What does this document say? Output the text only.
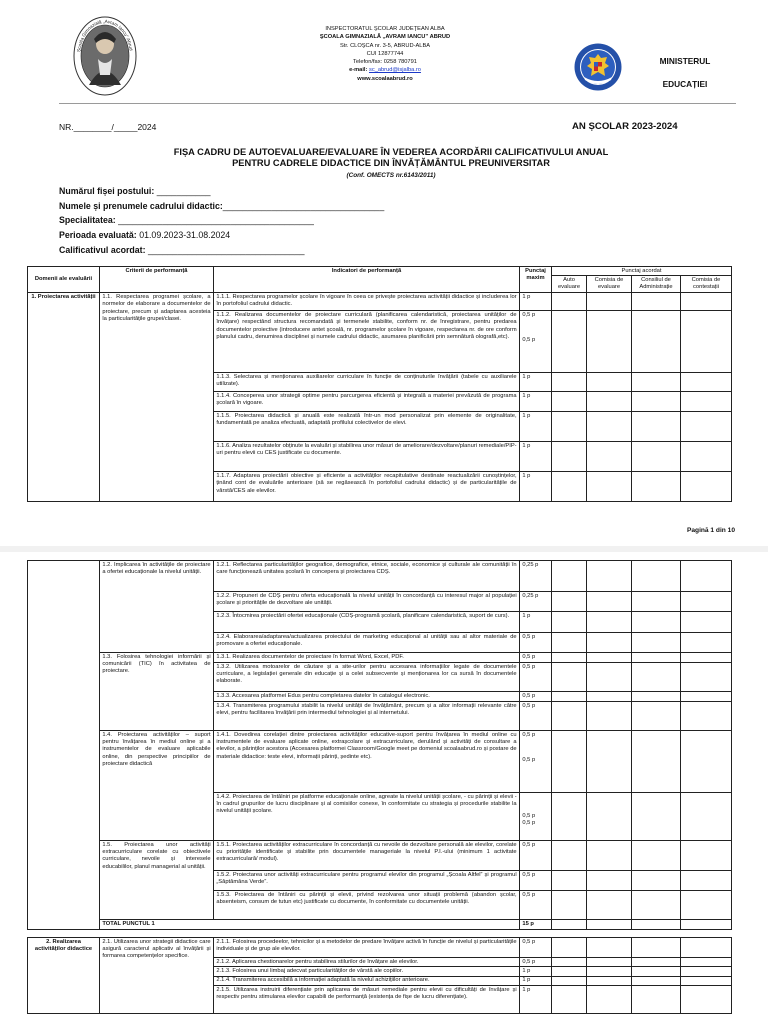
Școala Gimnazială „Avram Iancu” Abrud
INSPECTORATUL ŞCOLAR JUDEŢEAN ALBA
ŞCOALA GIMNAZIALĂ „AVRAM IANCU” ABRUD
Str. CLOŞCA nr. 3-5, ABRUD-ALBA
CUI 12877744
Telefon/fax: 0258 780791
e-mail: sc_abrud@isjalba.ro
www.scoalaabrud.ro
MINISTERUL
EDUCAȚIEI
NR.________/_____2024	AN ȘCOLAR 2023-2024
FIȘA CADRU DE AUTOEVALUARE/EVALUARE ÎN VEDEREA ACORDĂRII CALIFICATIVULUI ANUAL
PENTRU CADRELE DIDACTICE DIN ÎNVĂȚĂMÂNTUL PREUNIVERSITAR
(Conf. OMECTS nr.6143/2011)
Numărul fișei postului: ___________
Numele și prenumele cadrului didactic:_________________________________
Specialitatea: ________________________________________
Perioada evaluată: 01.09.2023-31.08.2024
Calificativul acordat: ________________________________
Domenii ale evaluării	Criterii de performanță	Indicatori de performanță	Punctaj maxim	Punctaj acordat			
				Auto evaluare	Comisia de evaluare	Consiliul de Administrație	Comisia de contestații
1. Proiectarea activității	1.1. Respectarea programei școlare, a normelor de elaborare a documentelor de proiectare, precum și adaptarea acesteia la particularitățile grupei/clasei.	1.1.1. Respectarea programelor școlare în vigoare în ceea ce privește proiectarea activității didactice și includerea lor în portofoliul cadrului didactic.	1 p				
		1.1.2. Realizarea documentelor de proiectare curriculară (planificarea calendaristică, proiectarea unităților de învățare) respectând structura recomandată și termenele stabilite, conform nr. de înregistrare, pentru predarea documentelor proiective (introducere antet școală, nr. programelor școlare în vigoare, respectarea nr. de ore conform planului cadru, denumirea disciplinei și numele cadrului didactic, asumarea planificării prin semnătură olografă,etc).	0,5 p
0,5 p				

		1.1.3. Selectarea și menționarea auxiliarelor curriculare în funcție de conținuturile învățării (tabele cu auxiliarele utilizate).	1 p				
		1.1.4. Conceperea unor strategii optime pentru parcurgerea eficientă și integrală a materiei prevăzută de programa școlară în vigoare.	1 p				
		1.1.5. Proiectarea didactică și anuală este realizată într-un mod personalizat prin elemente de originalitate, fundamentată pe analiza efectuată, adaptată profilului colectivelor de elevi.	1 p				
		1.1.6. Analiza rezultatelor obținute la evaluări și stabilirea unor măsuri de ameliorare/dezvoltare/planuri remediale/PIP-uri pentru elevii cu CES justificate cu documente.	1 p				
		1.1.7. Adaptarea proiectării obiective și eficiente a activităților recapitulative destinate reactualizării cunoștințelor, ținând cont de evaluările anterioare (să se regăsească în portofoliul cadrului didactic) și de particularitățile de vârstă/CES ale elevilor.	1 p				
Pagină 1 din 10
	1.2. Implicarea în activitățile de proiectare a ofertei educaționale la nivelul unității.	1.2.1. Reflectarea particularităților geografice, demografice, etnice, sociale, economice și culturale ale comunității în care funcționează unitatea școlară în concepera și proiectarea CDȘ.	0,25 p				
		1.2.2. Propuneri de CDȘ pentru oferta educațională la nivelul unității în concordanță cu interesul major al populației școlare și prioritățile de dezvoltare ale unității.	0,25 p				
		1.2.3. Întocmirea proiectării ofertei educaționale (CDȘ-programă școlară, planificare calendaristică, suport de curs).	1 p				
		1.2.4. Elaborarea/adaptarea/actualizarea proiectului de marketing educațional al unității sau al altor materiale de promovare a ofertei educaționale.	0,5 p				
	1.3. Folosirea tehnologiei informării și comunicării (TIC) în activitatea de proiectare.	1.3.1. Realizarea documentelor de proiectare în format Word, Excel, PDF.	0,5 p				
		1.3.2. Utilizarea motoarelor de căutare și a site-urilor pentru accesarea informațiilor legate de documentele curriculare, a legislației generale din educație și a celei subsecvente și menționarea lor ca sursă în documentele elaborate.	0,5 p				
		1.3.3. Accesarea platformei Edus pentru completarea datelor în catalogul electronic.	0,5 p				
		1.3.4. Transmiterea programului stabilit la nivelul unității de învățământ, precum și a altor informații relevante către elevi, pentru facilitarea învățării prin intermediul tehnologiei și al internetului.	0,5 p				
	1.4. Proiectarea activităților – suport pentru învățarea în mediul online și a instrumentelor de evaluare aplicabile online, din perspective principiilor de proiectare didactică	1.4.1. Dovedirea corelației dintre proiectarea activităților educative-suport pentru învățarea în mediul online cu instrumentele de evaluare aplicate online, extrașcolare și extracurriculare, derulând și activități de consultare a elevilor, a părinților acestora (Accesarea platformei Classroom/Google meet pe domeniul scoalaabrud.ro și postare de materiale didactice: teste elevi, informații părinți, ședinte etc).	0,5 p
0,5 p				

		1.4.2. Proiectarea de întâlniri pe platforme educaționale online, agreate la nivelul unității școlare, - cu părinții și elevii - în cadrul grupurilor de lucru disciplinare și al comisiilor conexe, în conformitate cu strategia și procedurile stabilite la nivelul unității școlare.	0,5 p
0,5 p				

	1.5. Proiectarea unor activități extracurriculare corelate cu obiectivele curriculare, nevoile și interesele educabililor, planul managerial al unității.	1.5.1. Proiectarea activităților extracurriculare în concordanță cu nevoile de dezvoltare personală ale elevilor, corelate cu prioritățile identificate și stabilite prin documentele manageriale la nivelul P.I.-ului (minimum 1 activitate extracurriculară/ modul).	0,5 p				
		1.5.2. Proiectarea unor activități extracurriculare pentru programul elevilor din programul „Școala Altfel” și programul „Săptămâna Verde”.	0,5 p				
		1.5.3. Proiectarea de întâniri cu părinții și elevii, privind rezolvarea unor situații problemă (abandon școlar, absenteism, consum de tutun etc) justificate cu documente, în conformitate cu documentele unității.	0,5 p				
	TOTAL PUNCTUL 1		15 p				
2. Realizarea activităților didactice	2.1. Utilizarea unor strategii didactice care asigură caracterul aplicativ al învățării și formarea competențelor specifice.	2.1.1. Folosirea procedeelor, tehnicilor și a metodelor de predare învățare activă în funcție de nivelul și particularitățile individuale și de grup ale elevilor.	0,5 p				
		2.1.2. Aplicarea chestionarelor pentru stabilirea stilurilor de învățare ale elevilor.	0,5 p				
		2.1.3. Folosirea unui limbaj adecvat particularităților de vârstă ale copiilor.	1 p				
		2.1.4. Transmiterea accesibilă a informației adaptată la nivelul achizițiilor anterioare.	1 p				
		2.1.5. Utilizarea instruirii diferențiate prin aplicarea de măsuri remediale pentru elevii cu dificultăți de învățare și respectiv pentru stimularea elevilor capabili de performanță (existența de fișe de lucru diferențiate).	1 p				
